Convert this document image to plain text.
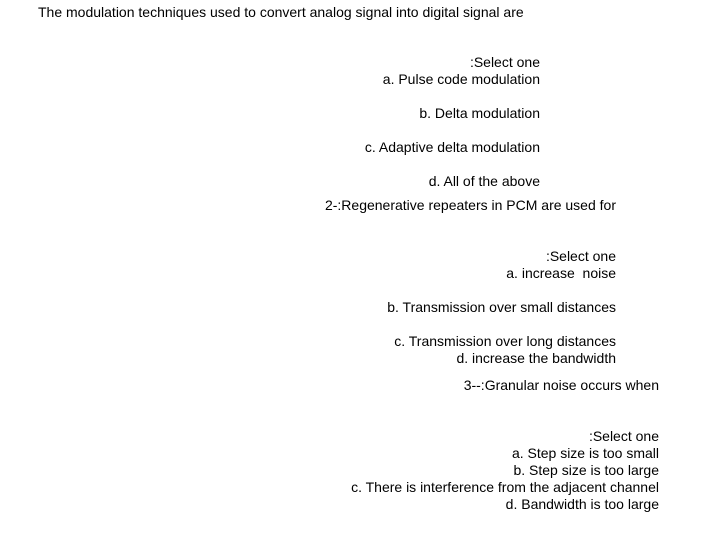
The modulation techniques used to convert analog signal into digital signal are
:Select one
a. Pulse code modulation
b. Delta modulation
c. Adaptive delta modulation
d. All of the above
2-:Regenerative repeaters in PCM are used for
:Select one
a. increase  noise
b. Transmission over small distances
c. Transmission over long distances
d. increase the bandwidth
3--:Granular noise occurs when
:Select one
a. Step size is too small
b. Step size is too large
c. There is interference from the adjacent channel
d. Bandwidth is too large
